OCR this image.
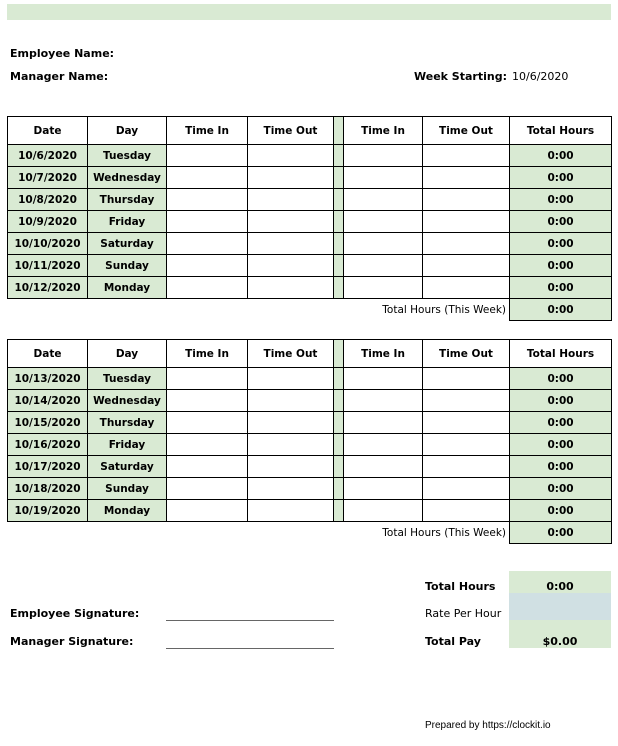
Employee Name:
Manager Name:	Week Starting: 10/6/2020
Date	Day	Time In	Time Out		Time In	Time Out	Total Hours
10/6/2020	Tuesday						0:00
10/7/2020	Wednesday						0:00
10/8/2020	Thursday						0:00
10/9/2020	Friday						0:00
10/10/2020	Saturday						0:00
10/11/2020	Sunday						0:00
10/12/2020	Monday						0:00
Total Hours (This Week)							0:00
Date	Day	Time In	Time Out		Time In	Time Out	Total Hours
10/13/2020	Tuesday						0:00
10/14/2020	Wednesday						0:00
10/15/2020	Thursday						0:00
10/16/2020	Friday						0:00
10/17/2020	Saturday						0:00
10/18/2020	Sunday						0:00
10/19/2020	Monday						0:00
Total Hours (This Week)							0:00
Total Hours	0:00
Rate Per Hour
Total Pay	$0.00
Employee Signature:
Manager Signature:
Prepared by https://clockit.io
